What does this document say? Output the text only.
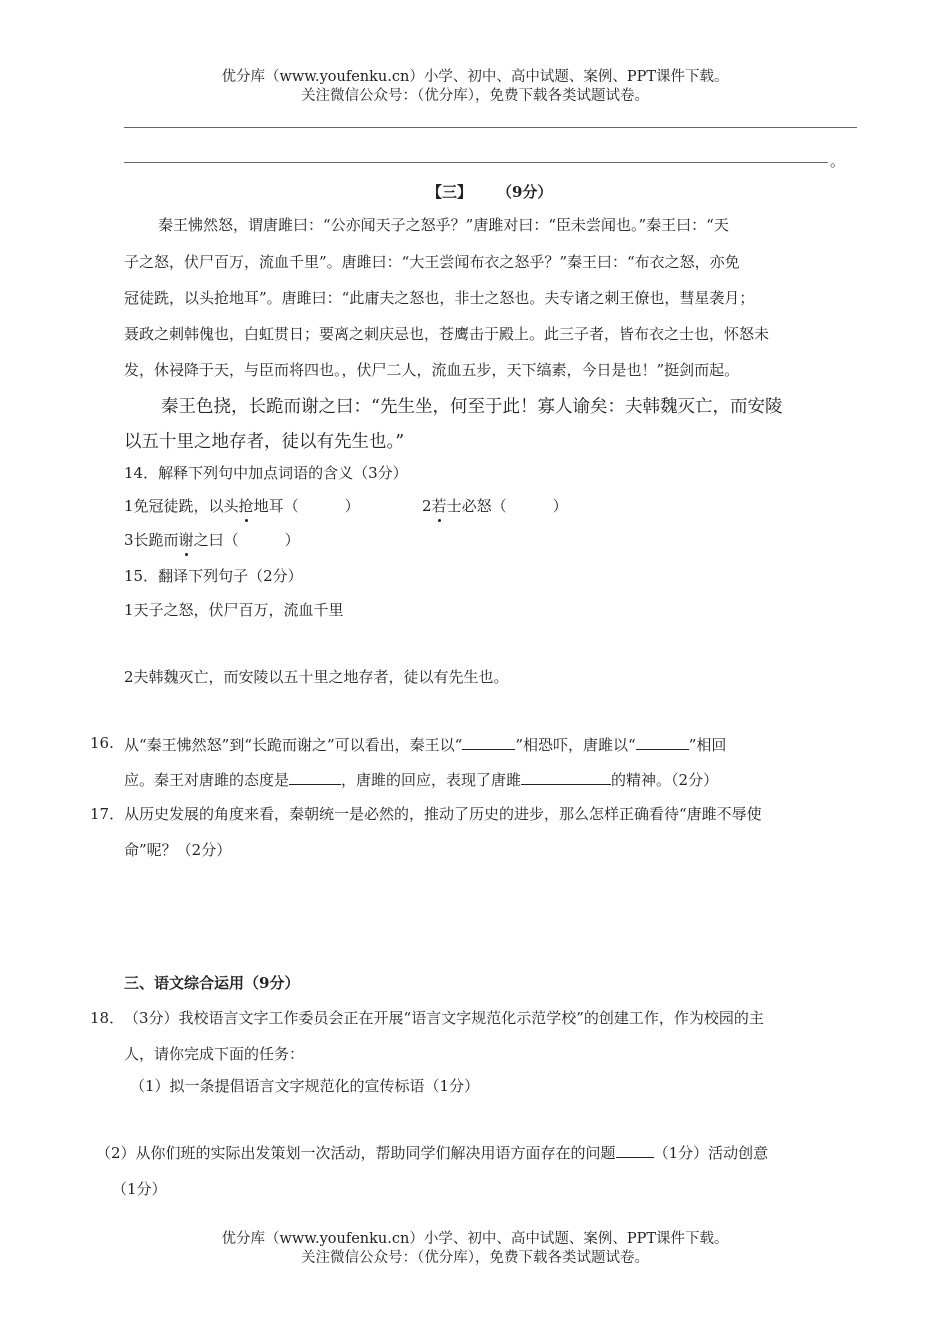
优分库（www.youfenku.cn）小学、初中、高中试题、案例、PPT课件下载。
关注微信公众号：（优分库），免费下载各类试题试卷。
。
【三】 （9分）
秦王怫然怒，谓唐雎曰：“公亦闻天子之怒乎？”唐雎对曰：“臣未尝闻也。”秦王曰：“天
子之怒，伏尸百万，流血千里”。唐雎曰：“大王尝闻布衣之怒乎？”秦王曰：“布衣之怒，亦免
冠徒跣，以头抢地耳”。唐雎曰：“此庸夫之怒也，非士之怒也。夫专诸之刺王僚也，彗星袭月；
聂政之刺韩傀也，白虹贯日；要离之刺庆忌也，苍鹰击于殿上。此三子者，皆布衣之士也，怀怒未
发，休祲降于天，与臣而将四也。，伏尸二人，流血五步，天下缟素，今日是也！”挺剑而起。
秦王色挠，长跪而谢之曰：“先生坐，何至于此！寡人谕矣：夫韩魏灭亡，而安陵
以五十里之地存者，徒以有先生也。”
14．解释下列句中加点词语的含义（3分）
1免冠徒跣，以头抢地耳（	）	2若士必怒（	）
3长跪而谢之曰（	）
15．翻译下列句子（2分）
1天子之怒，伏尸百万，流血千里
2夫韩魏灭亡，而安陵以五十里之地存者，徒以有先生也。
16. 从“秦王怫然怒”到“长跪而谢之”可以看出，秦王以“	”相恐吓，唐雎以“	”相回
应。秦王对唐雎的态度是	，唐雎的回应，表现了唐雎	的精神。（2分）
17． 从历史发展的角度来看，秦朝统一是必然的，推动了历史的进步，那么怎样正确看待“唐雎不辱使
命”呢？（2分）
三、语文综合运用（9分）
18． （3分）我校语言文字工作委员会正在开展“语言文字规范化示范学校”的创建工作，作为校园的主
人，请你完成下面的任务：
（1）拟一条提倡语言文字规范化的宣传标语（1分）
（2）从你们班的实际出发策划一次活动，帮助同学们解决用语方面存在的问题	（1分）活动创意
（1分）
优分库（www.youfenku.cn）小学、初中、高中试题、案例、PPT课件下载。
关注微信公众号：（优分库），免费下载各类试题试卷。
